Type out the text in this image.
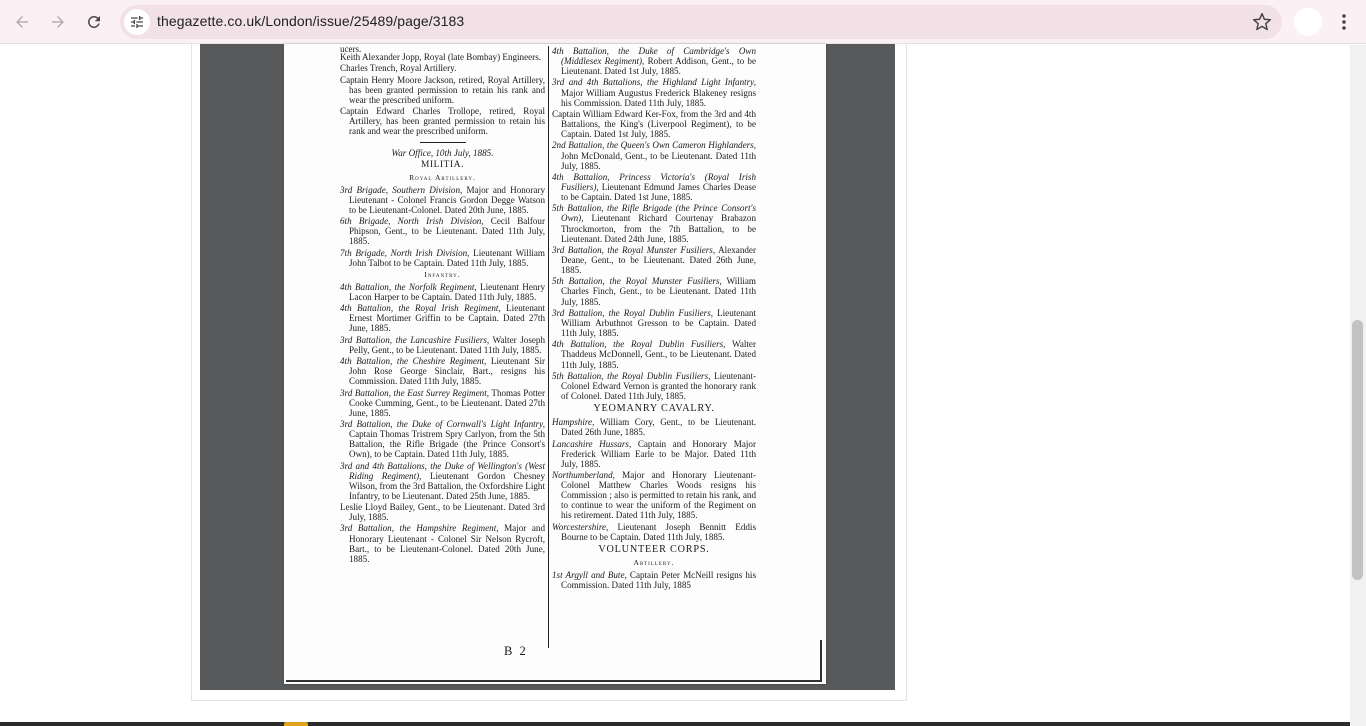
thegazette.co.uk/London/issue/25489/page/3183
ucers.
Keith Alexander Jopp, Royal (late Bombay) Engineers.
Charles Trench, Royal Artillery.
Captain Henry Moore Jackson, retired, Royal Artillery, has been granted permission to retain his rank and wear the prescribed uniform.
Captain Edward Charles Trollope, retired, Royal Artillery, has been granted permission to retain his rank and wear the prescribed uniform.
War Office, 10th July, 1885.
MILITIA.
Royal Artillery.
3rd Brigade, Southern Division, Major and Honorary Lieutenant - Colonel Francis Gordon Degge Watson to be Lieutenant-Colonel. Dated 20th June, 1885.
6th Brigade, North Irish Division, Cecil Balfour Phipson, Gent., to be Lieutenant. Dated 11th July, 1885.
7th Brigade, North Irish Division, Lieutenant William John Talbot to be Captain. Dated 11th July, 1885.
Infantry.
4th Battalion, the Norfolk Regiment, Lieutenant Henry Lacon Harper to be Captain. Dated 11th July, 1885.
4th Battalion, the Royal Irish Regiment, Lieutenant Ernest Mortimer Griffin to be Captain. Dated 27th June, 1885.
3rd Battalion, the Lancashire Fusiliers, Walter Joseph Pelly, Gent., to be Lieutenant. Dated 11th July, 1885.
4th Battalion, the Cheshire Regiment, Lieutenant Sir John Rose George Sinclair, Bart., resigns his Commission. Dated 11th July, 1885.
3rd Battalion, the East Surrey Regiment, Thomas Potter Cooke Cumming, Gent., to be Lieutenant. Dated 27th June, 1885.
3rd Battalion, the Duke of Cornwall's Light Infantry, Captain Thomas Tristrem Spry Carlyon, from the 5th Battalion, the Rifle Brigade (the Prince Consort's Own), to be Captain. Dated 11th July, 1885.
3rd and 4th Battalions, the Duke of Wellington's (West Riding Regiment), Lieutenant Gordon Chesney Wilson, from the 3rd Battalion, the Oxfordshire Light Infantry, to be Lieutenant. Dated 25th June, 1885.
Leslie Lloyd Bailey, Gent., to be Lieutenant. Dated 3rd July, 1885.
3rd Battalion, the Hampshire Regiment, Major and Honorary Lieutenant - Colonel Sir Nelson Rycroft, Bart., to be Lieutenant-Colonel. Dated 20th June, 1885.
4th Battalion, the Duke of Cambridge's Own (Middlesex Regiment), Robert Addison, Gent., to be Lieutenant. Dated 1st July, 1885.
3rd and 4th Battalions, the Highland Light Infantry, Major William Augustus Frederick Blakeney resigns his Commission. Dated 11th July, 1885.
Captain William Edward Ker-Fox, from the 3rd and 4th Battalions, the King's (Liverpool Regiment), to be Captain. Dated 1st July, 1885.
2nd Battalion, the Queen's Own Cameron Highlanders, John McDonald, Gent., to be Lieutenant. Dated 11th July, 1885.
4th Battalion, Princess Victoria's (Royal Irish Fusiliers), Lieutenant Edmund James Charles Dease to be Captain. Dated 1st June, 1885.
5th Battalion, the Rifle Brigade (the Prince Consort's Own), Lieutenant Richard Courtenay Brabazon Throckmorton, from the 7th Battalion, to be Lieutenant. Dated 24th June, 1885.
3rd Battalion, the Royal Munster Fusiliers, Alexander Deane, Gent., to be Lieutenant. Dated 26th June, 1885.
5th Battalion, the Royal Munster Fusiliers, William Charles Finch, Gent., to be Lieutenant. Dated 11th July, 1885.
3rd Battalion, the Royal Dublin Fusiliers, Lieutenant William Arbuthnot Gresson to be Captain. Dated 11th July, 1885.
4th Battalion, the Royal Dublin Fusiliers, Walter Thaddeus McDonnell, Gent., to be Lieutenant. Dated 11th July, 1885.
5th Battalion, the Royal Dublin Fusiliers, Lieutenant-Colonel Edward Vernon is granted the honorary rank of Colonel. Dated 11th July, 1885.
YEOMANRY CAVALRY.
Hampshire, William Cory, Gent., to be Lieutenant. Dated 26th June, 1885.
Lancashire Hussars, Captain and Honorary Major Frederick William Earle to be Major. Dated 11th July, 1885.
Northumberland, Major and Honorary Lieutenant-Colonel Matthew Charles Woods resigns his Commission ; also is permitted to retain his rank, and to continue to wear the uniform of the Regiment on his retirement. Dated 11th July, 1885.
Worcestershire, Lieutenant Joseph Bennitt Eddis Bourne to be Captain. Dated 11th July, 1885.
VOLUNTEER CORPS.
Artillery.
1st Argyll and Bute, Captain Peter McNeill resigns his Commission. Dated 11th July, 1885
B 2
